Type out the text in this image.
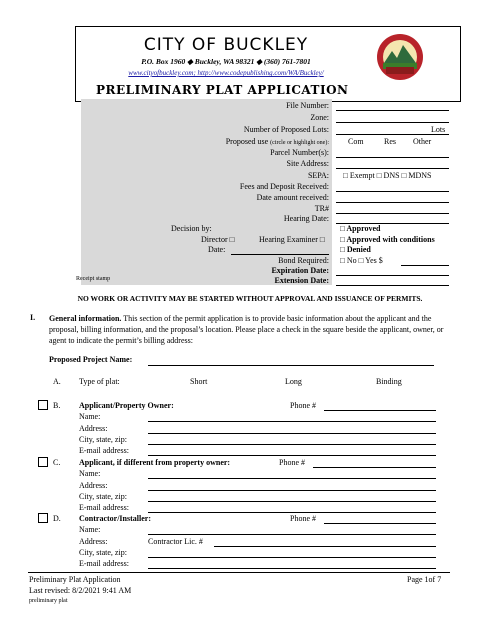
CITY OF BUCKLEY
P.O. Box 1960 ◆ Buckley, WA 98321 ◆ (360) 761-7801
www.cityofbuckley.com; http://www.codepublishing.com/WA/Buckley/
PRELIMINARY PLAT APPLICATION
File Number:
Zone:
Number of Proposed Lots:	Lots
Proposed use (circle or highlight one): Com	Res Other
Parcel Number(s):
Site Address:
SEPA: □ Exempt □ DNS □ MDNS
Fees and Deposit Received:
Date amount received:
TR#
Hearing Date:
Decision by:
Director □	Hearing Examiner □
Date:
□ Approved
□ Approved with conditions
□ Denied
Bond Required: □ No □ Yes $
Expiration Date:
Extension Date:
Receipt stamp
NO WORK OR ACTIVITY MAY BE STARTED WITHOUT APPROVAL AND ISSUANCE OF PERMITS.
I. General information. This section of the permit application is to provide basic information about the applicant and the proposal, billing information, and the proposal’s location. Please place a check in the square beside the applicant, owner, or agent to indicate the permit’s billing address:
Proposed Project Name:
A. Type of plat:	Short	Long	Binding
B. Applicant/Property Owner:	Phone #
Name:
Address:
City, state, zip:
E-mail address:
C. Applicant, if different from property owner:	Phone #
Name:
Address:
City, state, zip:
E-mail address:
D. Contractor/Installer:	Phone #
Name:
Address:	Contractor Lic. #
City, state, zip:
E-mail address:
Preliminary Plat Application
Last revised: 8/2/2021 9:41 AM
preliminary plat
Page 1of 7
